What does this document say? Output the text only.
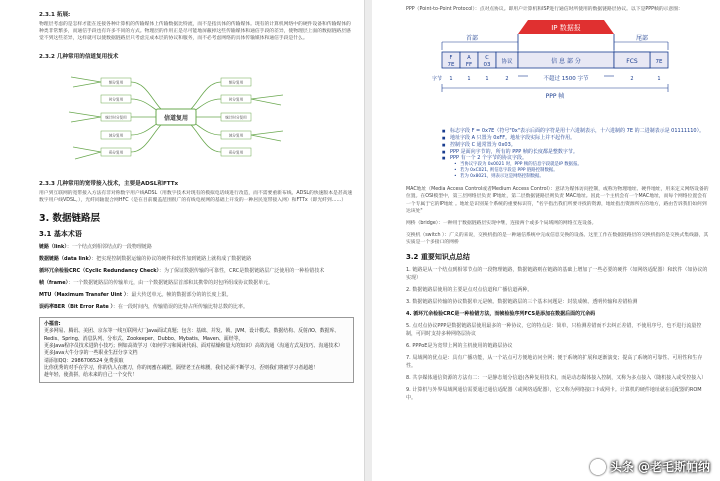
2.3.1 拓展:
物理层考虑的是怎样才能在连接各种计算机的传输媒体上传输数据比特流，而不是指具体的传输媒体。现有的计算机网络中的硬件设备和传输媒体的种类非常繁多，而通信手段也有许多不同的方式。物理层的作用正是尽可能地屏蔽掉这些传输媒体和通信手段的差异，使物理层上面的数据链路层感觉不到这些差异，这样就可以使数据链路层只考虑完成本层的协议和服务，而不必考虑网络的具体传输媒体和通信手段是什么。
2.3.2 几种常用的信道复用技术
信道复用
频分复用
时分复用
统计时分复用
波分复用
码分复用
频分复用
时分复用
统计时分复用
波分复用
码分复用
2.3.3 几种常用的宽带接入技术，主要是ADSL和FTTx
用户到互联网的宽带接入方法有非对称数字用户线ADSL（用数字技术对现有的模拟电话线进行改造，而不需要重新布线。ADSL的快速版本是甚高速数字用户线VDSL。），光纤同轴混合网HFC（是在目前覆盖范围很广的有线电视网的基础上开发的一种居民宽带接入网）和FTTx（即光纤到……）
3. 数据链路层
3.1 基本术语
链路（link）：一个结点到相邻结点的一段物理链路
数据链路（data link）：把实现控制数据运输的协议的硬件和软件加到链路上就构成了数据链路
循环冗余检验CRC（Cyclic Redundancy Check）：为了保证数据传输的可靠性，CRC是数据链路层广泛使用的一种检错技术
帧（frame）：一个数据链路层的传输单元，由一个数据链路层首部和其携带的封包所组成协议数据单元。
MTU（Maximum Transfer Uint ）：最大传送单元。帧的数据部分的的长度上限。
误码率BER（Bit Error Rate ）：在一段时间内，传输错误的比特占所传输比特总数的比率。
小福音:
更多网易、腾讯、美团、京东等一线互联网大厂Java面试真题；包含：基础、并发、锁、JVM、设计模式、数据结构、反射/IO、数据库、Redis、Spring、消息队列、分布式、Zookeeper、Dubbo、Mybatis、Maven、面经等。
更多Java程序员技术进阶小技巧；例如高效学习（如何学习和阅读代码、面对枯燥和量大的知识）高效沟通（沟通方式及技巧、沟通技术）
更多Java大牛分享的一些职业生涯分享文档
请添加QQ：2986706524 免费获取
比你优秀的对手在学习，你的仇人在磨刀，你的闺蜜在减肥，隔壁老王在练腰，我们必须不断学习，否则我们将被学习者超越！
趁年轻，使劲拼，给未来的自己一个交代！
PPP（Point-to-Point Protocol）：点对点协议。即用户计算机和ISP进行通信时所使用的数据链路层协议。以下是PPP帧的示意图：
IP 数据报
首部	尾部
F	A	C
7E FF 03 协议	信 息 部 分	FCS	7E
字节 1	1	1	2	不超过 1500 字节	2	1
PPP 帧
■ 标志字段 F = 0x7E（符号"0x"表示后面的字符是用十六进制表示，十六进制的 7E 的二进制表示是 01111110）。
■ 地址字段 A 只置为 0xFF。地址字段实际上并不起作用。
■ 控制字段 C 通常置为 0x03。
■ PPP 是面向字节的，所有的 PPP 帧的长度都是整数字节。
■ PPP 有一个 2 个字节的协议字段。
• 当协议字段为 0x0021 时，PPP 帧的信息字段就是IP 数据报。
• 若为 0xC021, 则信息字段是 PPP 链路控制数据。
• 若为 0x8021，则表示这是网络控制数据。
MAC地址（Media Access Control或者Medium Access Control）：意译为媒体访问控制，或称为物理地址、硬件地址，用来定义网络设备的位置。在OSI模型中，第三层网络层负责 IP地址，第二层数据链路层则负责 MAC地址。因此一个主机会有一个MAC地址，而每个网络位置会有一个专属于它的IP地址 。地址是识别某个系统的重要标识符，"名字指出我们所要寻找的资源，地址指出资源所在的地方，路由告诉我们如何到达该处"
网桥（bridge）：一种用于数据链路层实现中继，连接两个或多个局域网的网络互连设备。
交换机（switch ）：广义的来说，交换机指的是一种通信系统中完成信息交换的设备。这里工作在数据链路层的交换机指的是交换式集线器，其实质是一个多接口的网桥
3.2 重要知识点总结
1. 链路是从一个结点到相邻节点的一段物理链路，数据链路则在链路的基础上增加了一些必要的硬件（如网络适配器）和软件（如协议的实现）
2. 数据链路层使用的主要是点对点信道和广播信道两种。
3. 数据链路层传输的协议数据单元是帧。数据链路层的三个基本问题是：封装成帧、透明传输和差错检测
4. 循环冗余检验CRC是一种检错方法，而帧检验序列FCS是添加在数据后面的冗余码
5. 点对点协议PPP是数据链路层使用最多的一种协议，它的特点是：简单，只检测差错而不去纠正差错，不使用序号，也不进行流量控制，可同时支持多种网络层协议
6. PPPoE是为宽带上网的主机使用的链路层协议
7. 局域网的优点是：具有广播功能，从一个站点可方便地访问全网；便于系统的扩展和逐渐演变；提高了系统的可靠性、可用性和生存性。
8. 共享媒体通信资源的方法有二：一是静态划分信道(各种复用技术)，而是动态媒体接入控制，又称为多点接入（随机接入或受控接入）
9. 计算机与外界局域网通信需要通过通信适配器（或网络适配器），它又称为网络接口卡或网卡。计算机的硬件地址就在适配器的ROM中。
头条 @老毛斯帕纳
